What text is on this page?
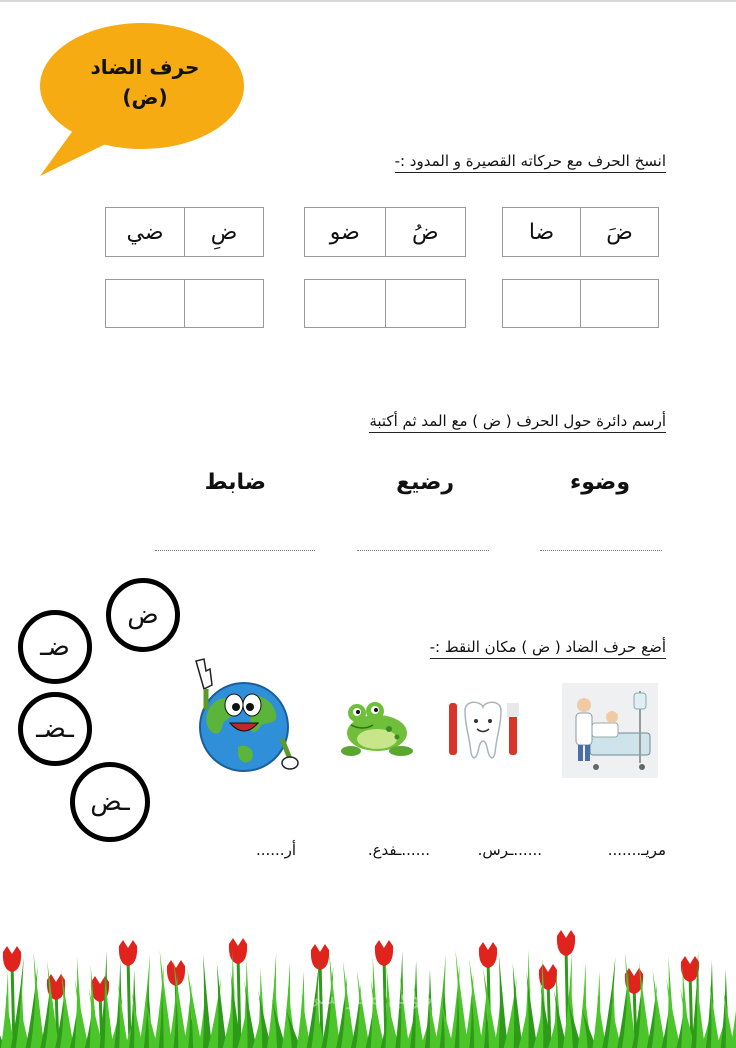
حرف الضاد
(ض)
انسخ الحرف مع حركاته القصيرة و المدود :-
ضا	ضَ
ضو	ضُ
ضي	ضِ
أرسم دائرة حول الحرف ( ض ) مع المد ثم أكتبة
وضوء
رضيع
ضابط
ض
ضـ
ـضـ
ـض
أضع حرف الضاد ( ض ) مكان النقط :-
مريـ.......
......ـرس.
......ـفدع.
أر......
موقع مدرستي
